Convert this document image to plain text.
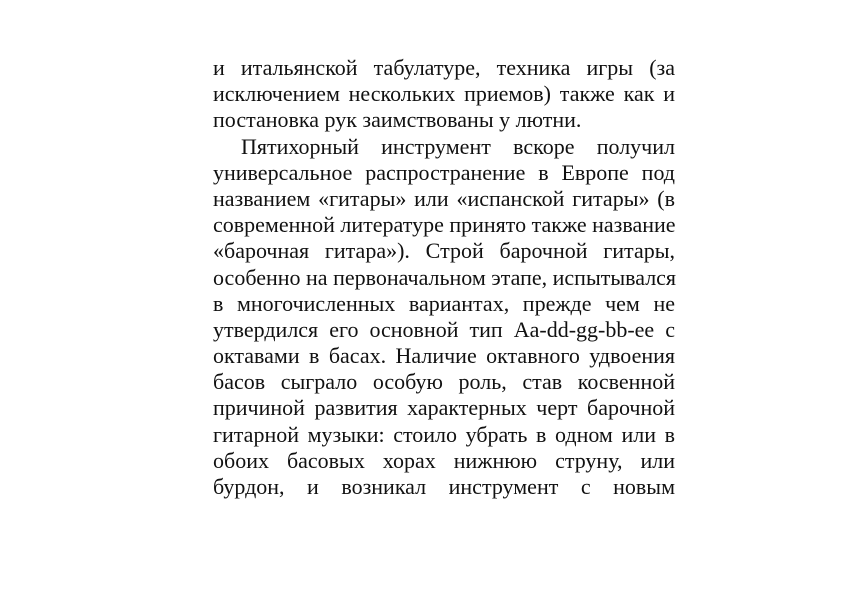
и итальянской табулатуре, техника игры (за
исключением нескольких приемов) также как и
постановка рук заимствованы у лютни.
Пятихорный инструмент вскоре получил
универсальное распространение в Европе под
названием «гитары» или «испанской гитары» (в
современной литературе принято также название
«барочная гитара»). Строй барочной гитары,
особенно на первоначальном этапе, испытывался
в многочисленных вариантах, прежде чем не
утвердился его основной тип Aa-dd-gg-bb-ee с
октавами в басах. Наличие октавного удвоения
басов сыграло особую роль, став косвенной
причиной развития характерных черт барочной
гитарной музыки: стоило убрать в одном или в
обоих басовых хорах нижнюю струну, или
бурдон, и возникал инструмент с новым
